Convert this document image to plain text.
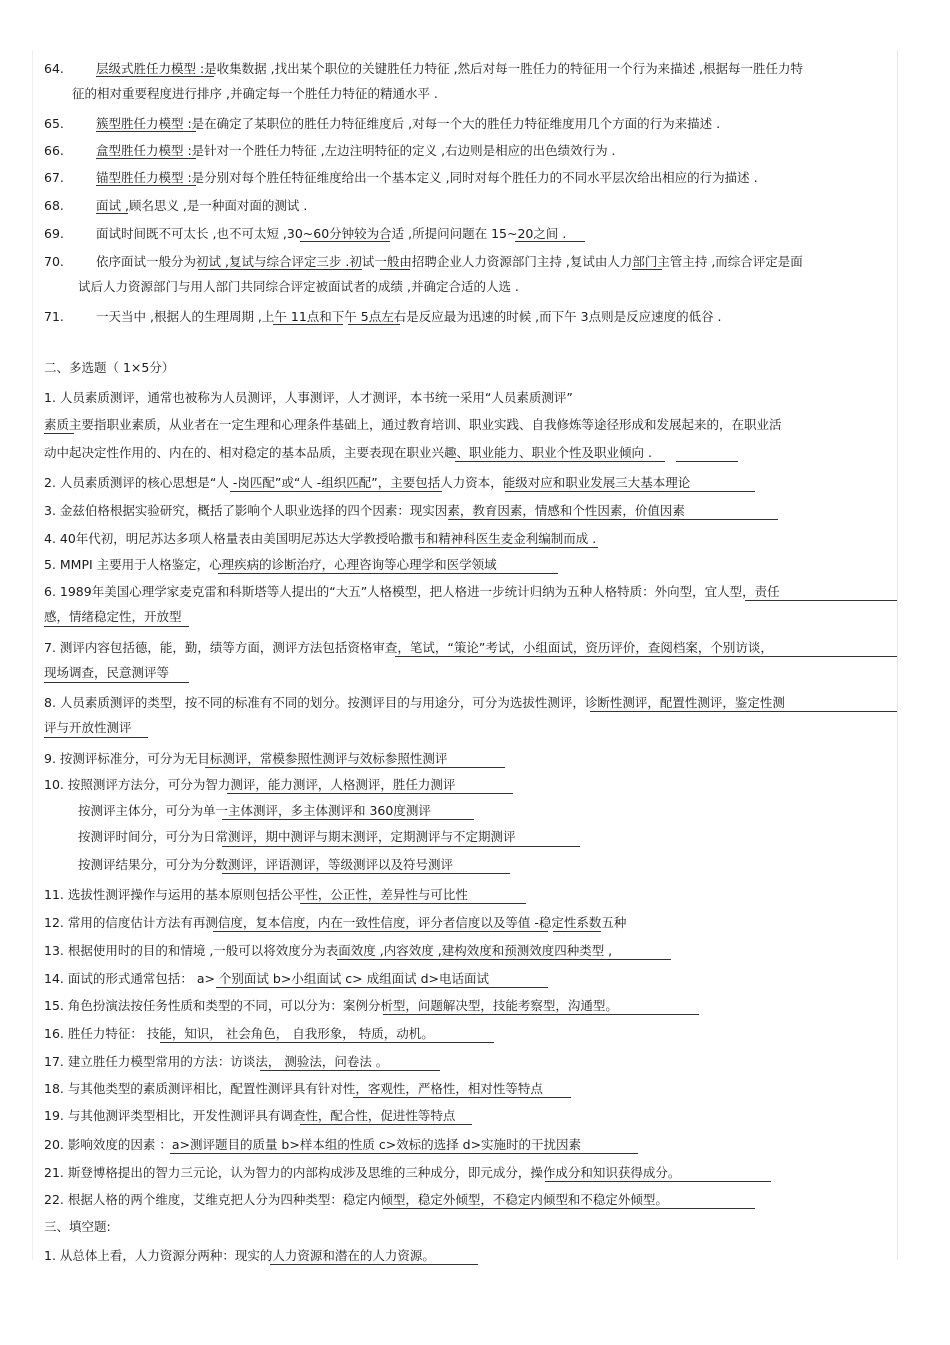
64.	层级式胜任力模型 :是收集数据 ,找出某个职位的关键胜任力特征 ,然后对每一胜任力的特征用一个行为来描述 ,根据每一胜任力特
征的相对重要程度进行排序 ,并确定每一个胜任力特征的精通水平 .
65.	簇型胜任力模型 :是在确定了某职位的胜任力特征维度后 ,对每一个大的胜任力特征维度用几个方面的行为来描述 .
66.	盒型胜任力模型 :是针对一个胜任力特征 ,左边注明特征的定义 ,右边则是相应的出色绩效行为 .
67.	锚型胜任力模型 :是分别对每个胜任特征维度给出一个基本定义 ,同时对每个胜任力的不同水平层次给出相应的行为描述 .
68.	面试 ,顾名思义 ,是一种面对面的测试 .
69.	面试时间既不可太长 ,也不可太短 ,30~60分钟较为合适 ,所提问问题在 15~20之间 .
70.	依序面试一般分为初试 ,复试与综合评定三步 .初试一般由招聘企业人力资源部门主持 ,复试由人力部门主管主持 ,而综合评定是面
试后人力资源部门与用人部门共同综合评定被面试者的成绩 ,并确定合适的人选 .
71.	一天当中 ,根据人的生理周期 ,上午 11点和下午 5点左右是反应最为迅速的时候 ,而下午 3点则是反应速度的低谷 .
二、多选题（ 1×5分）
1. 人员素质测评，通常也被称为人员测评，人事测评，人才测评，本书统一采用“人员素质测评”
素质主要指职业素质，从业者在一定生理和心理条件基础上，通过教育培训、职业实践、自我修炼等途径形成和发展起来的，在职业活
动中起决定性作用的、内在的、相对稳定的基本品质，主要表现在职业兴趣、职业能力、职业个性及职业倾向 .
2. 人员素质测评的核心思想是“人 -岗匹配”或“人 -组织匹配”，主要包括人力资本，能级对应和职业发展三大基本理论
3. 金兹伯格根据实验研究，概括了影响个人职业选择的四个因素：现实因素，教育因素，情感和个性因素，价值因素
4. 40年代初，明尼苏达多项人格量表由美国明尼苏达大学教授哈撒韦和精神科医生麦金利编制而成 .
5. MMPI 主要用于人格鉴定，心理疾病的诊断治疗，心理咨询等心理学和医学领域
6. 1989年美国心理学家麦克雷和科斯塔等人提出的“大五”人格模型，把人格进一步统计归纳为五种人格特质：外向型，宜人型，责任
感，情绪稳定性，开放型
7. 测评内容包括德，能，勤，绩等方面，测评方法包括资格审查，笔试，“策论”考试，小组面试，资历评价，查阅档案，个别访谈，
现场调查，民意测评等
8. 人员素质测评的类型，按不同的标准有不同的划分。按测评目的与用途分，可分为选拔性测评，诊断性测评，配置性测评，鉴定性测
评与开放性测评
9. 按测评标准分，可分为无目标测评，常模参照性测评与效标参照性测评
10. 按照测评方法分，可分为智力测评，能力测评，人格测评，胜任力测评
按测评主体分，可分为单一主体测评，多主体测评和 360度测评
按测评时间分，可分为日常测评，期中测评与期末测评，定期测评与不定期测评
按测评结果分，可分为分数测评，评语测评，等级测评以及符号测评
11. 选拔性测评操作与运用的基本原则包括公平性，公正性，差异性与可比性
12. 常用的信度估计方法有再测信度，复本信度，内在一致性信度，评分者信度以及等值 -稳定性系数五种
13. 根据使用时的目的和情境 ,一般可以将效度分为表面效度 ,内容效度 ,建构效度和预测效度四种类型 ,
14. 面试的形式通常包括： a> 个别面试 b>小组面试 c> 成组面试 d>电话面试
15. 角色扮演法按任务性质和类型的不同，可以分为：案例分析型，问题解决型，技能考察型，沟通型。
16. 胜任力特征： 技能，知识， 社会角色， 自我形象， 特质，动机。
17. 建立胜任力模型常用的方法：访谈法， 测验法，问卷法 。
18. 与其他类型的素质测评相比，配置性测评具有针对性，客观性，严格性，相对性等特点
19. 与其他测评类型相比，开发性测评具有调查性，配合性，促进性等特点
20. 影响效度的因素 ：a>测评题目的质量 b>样本组的性质 c>效标的选择 d>实施时的干扰因素
21. 斯登博格提出的智力三元论，认为智力的内部构成涉及思维的三种成分，即元成分，操作成分和知识获得成分。
22. 根据人格的两个维度，艾维克把人分为四种类型：稳定内倾型，稳定外倾型，不稳定内倾型和不稳定外倾型。
三、填空题:
1. 从总体上看，人力资源分两种：现实的人力资源和潜在的人力资源。
